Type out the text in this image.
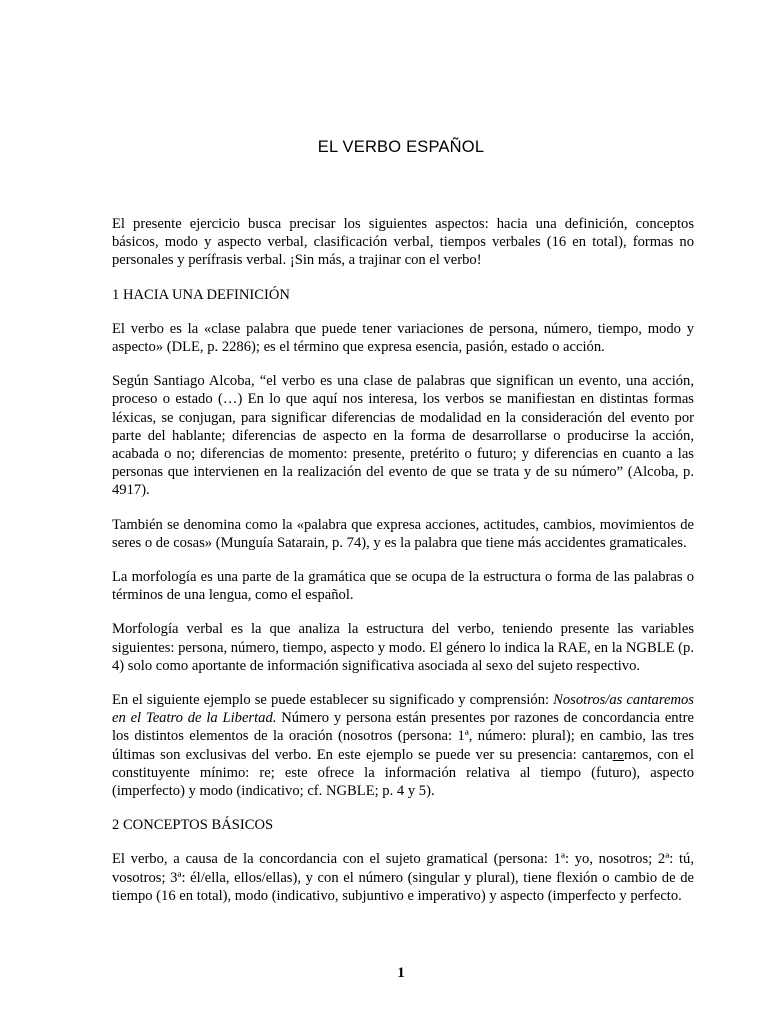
EL VERBO ESPAÑOL

El presente ejercicio busca precisar los siguientes aspectos: hacia una definición, conceptos básicos, modo y aspecto verbal, clasificación verbal, tiempos verbales (16 en total), formas no personales y perífrasis verbal. ¡Sin más, a trajinar con el verbo!

1 HACIA UNA DEFINICIÓN

El verbo es la «clase palabra que puede tener variaciones de persona, número, tiempo, modo y aspecto» (DLE, p. 2286); es el término que expresa esencia, pasión, estado o acción.

Según Santiago Alcoba, “el verbo es una clase de palabras que significan un evento, una acción, proceso o estado (…) En lo que aquí nos interesa, los verbos se manifiestan en distintas formas léxicas, se conjugan, para significar diferencias de modalidad en la consideración del evento por parte del hablante; diferencias de aspecto en la forma de desarrollarse o producirse la acción, acabada o no; diferencias de momento: presente, pretérito o futuro; y diferencias en cuanto a las personas que intervienen en la realización del evento de que se trata y de su número” (Alcoba, p. 4917).

También se denomina como la «palabra que expresa acciones, actitudes, cambios, movimientos de seres o de cosas» (Munguía Satarain, p. 74), y es la palabra que tiene más accidentes gramaticales.

La morfología es una parte de la gramática que se ocupa de la estructura o forma de las palabras o términos de una lengua, como el español.

Morfología verbal es la que analiza la estructura del verbo, teniendo presente las variables siguientes: persona, número, tiempo, aspecto y modo. El género lo indica la RAE, en la NGBLE (p. 4) solo como aportante de información significativa asociada al sexo del sujeto respectivo.

En el siguiente ejemplo se puede establecer su significado y comprensión: Nosotros/as cantaremos en el Teatro de la Libertad. Número y persona están presentes por razones de concordancia entre los distintos elementos de la oración (nosotros (persona: 1ª, número: plural); en cambio, las tres últimas son exclusivas del verbo. En este ejemplo se puede ver su presencia: cantaremos, con el constituyente mínimo: re; este ofrece la información relativa al tiempo (futuro), aspecto (imperfecto) y modo (indicativo; cf. NGBLE; p. 4 y 5).

2 CONCEPTOS BÁSICOS

El verbo, a causa de la concordancia con el sujeto gramatical (persona: 1ª: yo, nosotros; 2ª: tú, vosotros; 3ª: él/ella, ellos/ellas), y con el número (singular y plural), tiene flexión o cambio de de tiempo (16 en total), modo (indicativo, subjuntivo e imperativo) y aspecto (imperfecto y perfecto.

1
